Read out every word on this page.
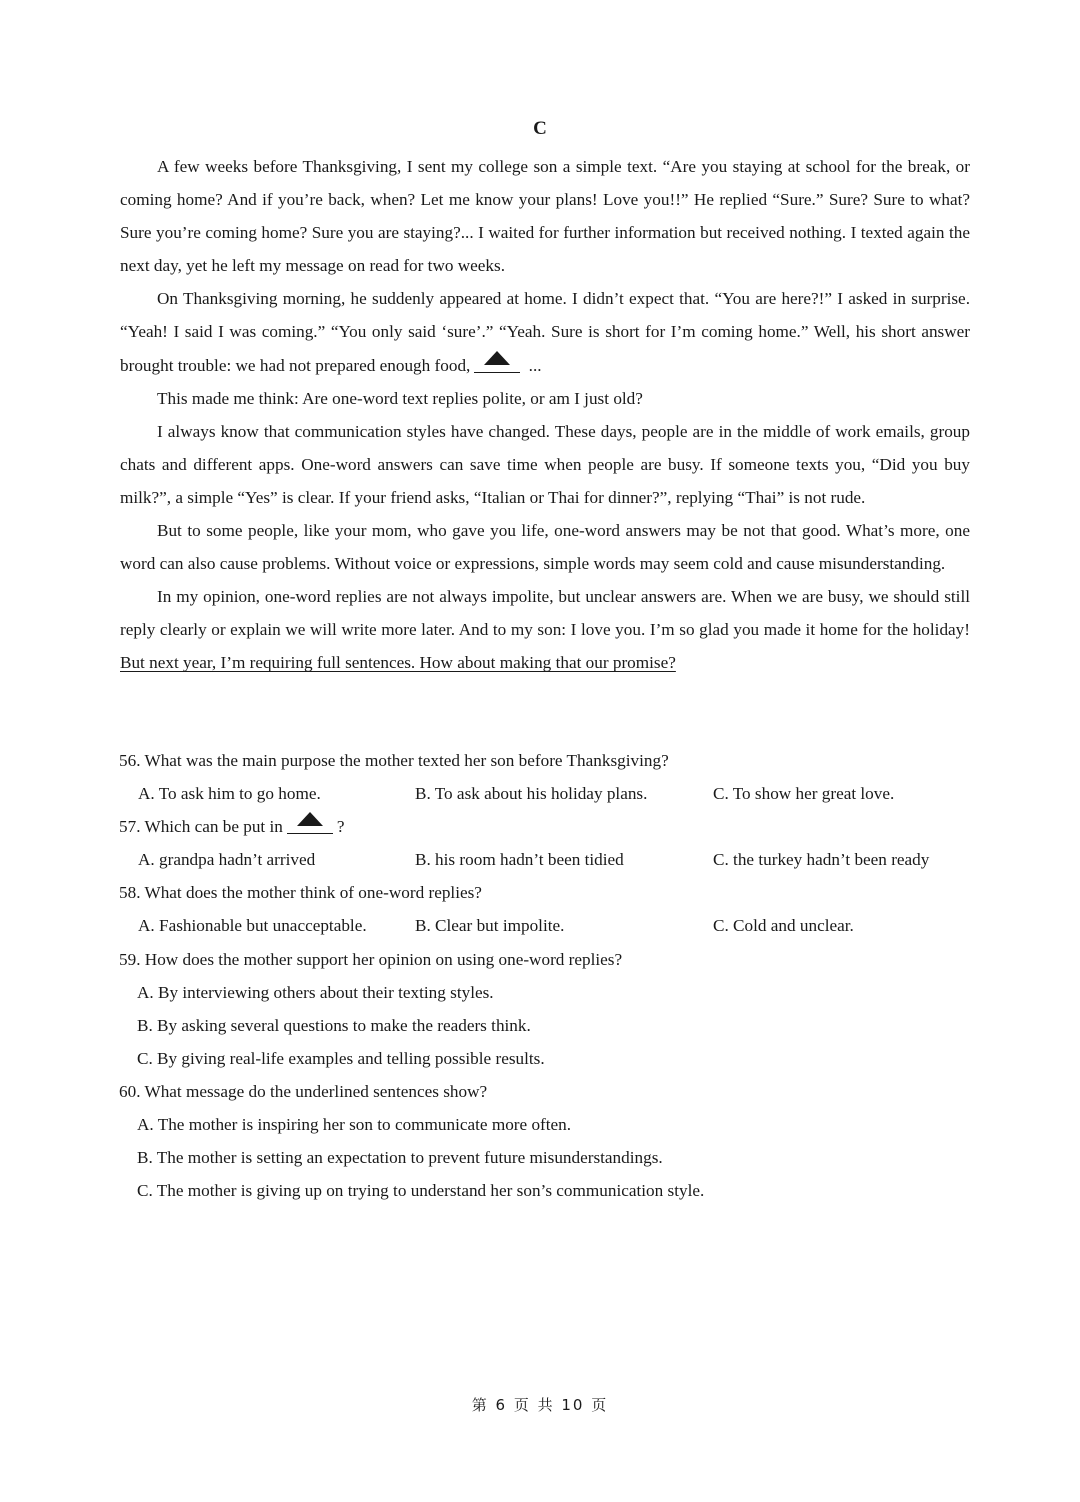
C

A few weeks before Thanksgiving, I sent my college son a simple text. “Are you staying at school for the break, or coming home? And if you’re back, when? Let me know your plans! Love you!!” He replied “Sure.” Sure? Sure to what? Sure you’re coming home? Sure you are staying?... I waited for further information but received nothing. I texted again the next day, yet he left my message on read for two weeks.

On Thanksgiving morning, he suddenly appeared at home. I didn’t expect that. “You are here?!” I asked in surprise. “Yeah! I said I was coming.” “You only said ‘sure’.” “Yeah. Sure is short for I’m coming home.” Well, his short answer brought trouble: we had not prepared enough food,	...

This made me think: Are one-word text replies polite, or am I just old?

I always know that communication styles have changed. These days, people are in the middle of work emails, group chats and different apps. One-word answers can save time when people are busy. If someone texts you, “Did you buy milk?”, a simple “Yes” is clear. If your friend asks, “Italian or Thai for dinner?”, replying “Thai” is not rude.

But to some people, like your mom, who gave you life, one-word answers may be not that good. What’s more, one word can also cause problems. Without voice or expressions, simple words may seem cold and cause misunderstanding.

In my opinion, one-word replies are not always impolite, but unclear answers are. When we are busy, we should still reply clearly or explain we will write more later. And to my son: I love you. I’m so glad you made it home for the holiday! But next year, I’m requiring full sentences. How about making that our promise?

56. What was the main purpose the mother texted her son before Thanksgiving?

A. To ask him to go home.	B. To ask about his holiday plans.	C. To show her great love.

57. Which can be put in	?

A. grandpa hadn’t arrived	B. his room hadn’t been tidied	C. the turkey hadn’t been ready

58. What does the mother think of one-word replies?

A. Fashionable but unacceptable.	B. Clear but impolite.	C. Cold and unclear.

59. How does the mother support her opinion on using one-word replies?

A. By interviewing others about their texting styles.
B. By asking several questions to make the readers think.
C. By giving real-life examples and telling possible results.

60. What message do the underlined sentences show?

A. The mother is inspiring her son to communicate more often.
B. The mother is setting an expectation to prevent future misunderstandings.
C. The mother is giving up on trying to understand her son’s communication style.
第 6 页 共 10 页
